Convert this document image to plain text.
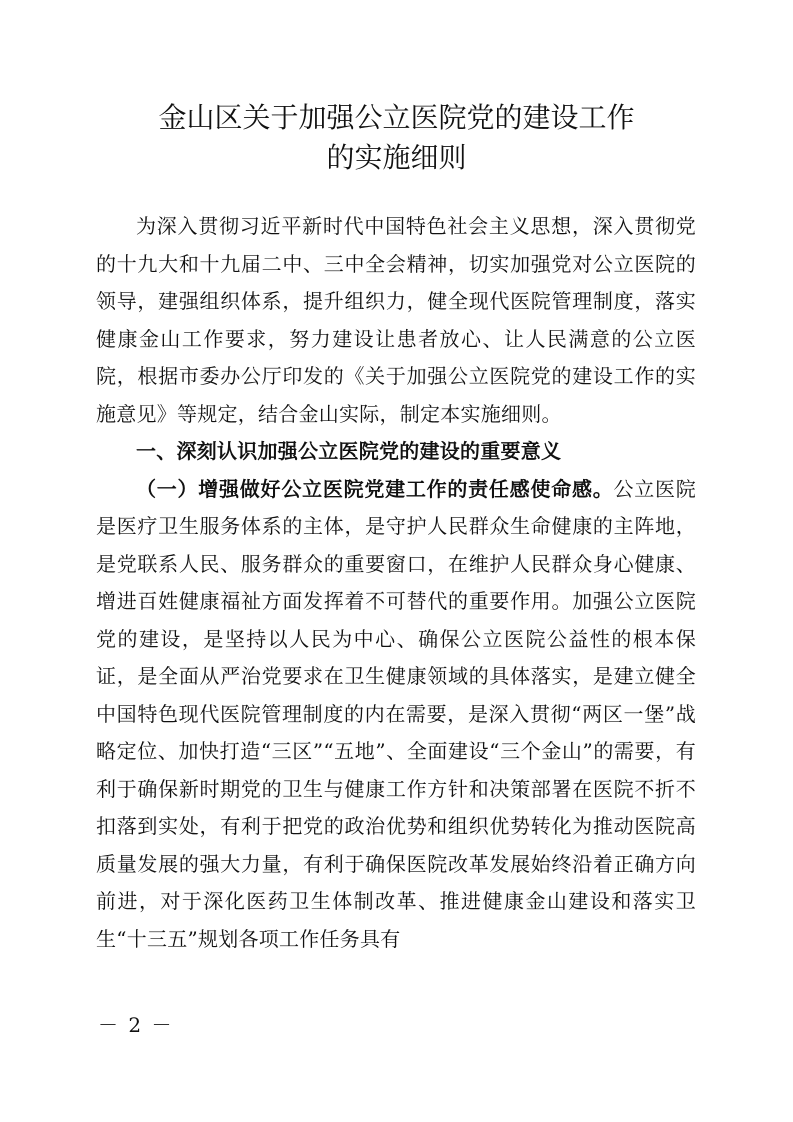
金山区关于加强公立医院党的建设工作
的实施细则

为深入贯彻习近平新时代中国特色社会主义思想，深入贯彻党的十九大和十九届二中、三中全会精神，切实加强党对公立医院的领导，建强组织体系，提升组织力，健全现代医院管理制度，落实健康金山工作要求，努力建设让患者放心、让人民满意的公立医院，根据市委办公厅印发的《关于加强公立医院党的建设工作的实施意见》等规定，结合金山实际，制定本实施细则。

一、深刻认识加强公立医院党的建设的重要意义

（一）增强做好公立医院党建工作的责任感使命感。公立医院是医疗卫生服务体系的主体，是守护人民群众生命健康的主阵地，是党联系人民、服务群众的重要窗口，在维护人民群众身心健康、增进百姓健康福祉方面发挥着不可替代的重要作用。加强公立医院党的建设，是坚持以人民为中心、确保公立医院公益性的根本保证，是全面从严治党要求在卫生健康领域的具体落实，是建立健全中国特色现代医院管理制度的内在需要，是深入贯彻“两区一堡”战略定位、加快打造“三区”“五地”、全面建设“三个金山”的需要，有利于确保新时期党的卫生与健康工作方针和决策部署在医院不折不扣落到实处，有利于把党的政治优势和组织优势转化为推动医院高质量发展的强大力量，有利于确保医院改革发展始终沿着正确方向前进，对于深化医药卫生体制改革、推进健康金山建设和落实卫生“十三五”规划各项工作任务具有

－ 2 －
